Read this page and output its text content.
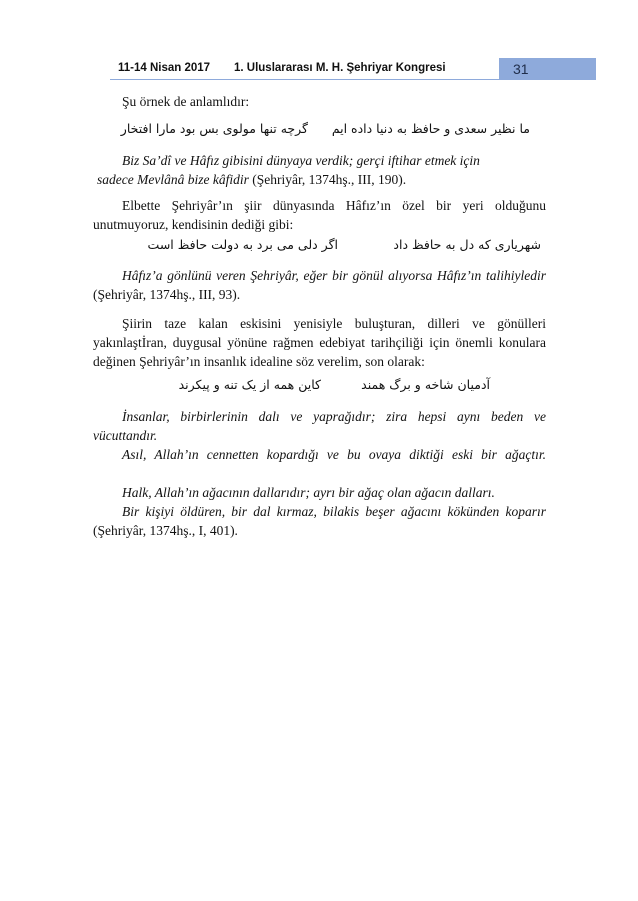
11-14 Nisan 2017 1. Uluslararası M. H. Şehriyar Kongresi	31
Şu örnek de anlamlıdır:
ما نظیر سعدی و حافظ به دنیا داده ایم
گرچه تنها مولوی بس بود مارا افتخار
Biz Sa’dî ve Hâfız gibisini dünyaya verdik; gerçi iftihar etmek için
sadece Mevlânâ bize kâfidir (Şehriyâr, 1374hş., III, 190).
Elbette Şehriyâr’ın şiir dünyasında Hâfız’ın özel bir yeri olduğunu unutmuyoruz, kendisinin dediği gibi:
شهریاری که دل به حافظ داد
اگر دلی می برد به دولت حافظ است
Hâfız’a gönlünü veren Şehriyâr, eğer bir gönül alıyorsa Hâfız’ın talihiyledir (Şehriyâr, 1374hş., III, 93).
Şiirin taze kalan eskisini yenisiyle buluşturan, dilleri ve gönülleri yakınlaştİran, duygusal yönüne rağmen edebiyat tarihçiliği için önemli konulara değinen Şehriyâr’ın insanlık idealine söz verelim, son olarak:
آدمیان شاخه و برگ همند
کاین همه از یک تنه و پیکرند
İnsanlar, birbirlerinin dalı ve yaprağıdır; zira hepsi aynı beden ve vücuttandır.
Asıl, Allah’ın cennetten kopardığı ve bu ovaya diktiği eski bir ağaçtır.
Halk, Allah’ın ağacının dallarıdır; ayrı bir ağaç olan ağacın dalları.
Bir kişiyi öldüren, bir dal kırmaz, bilakis beşer ağacını kökünden koparır (Şehriyâr, 1374hş., I, 401).
